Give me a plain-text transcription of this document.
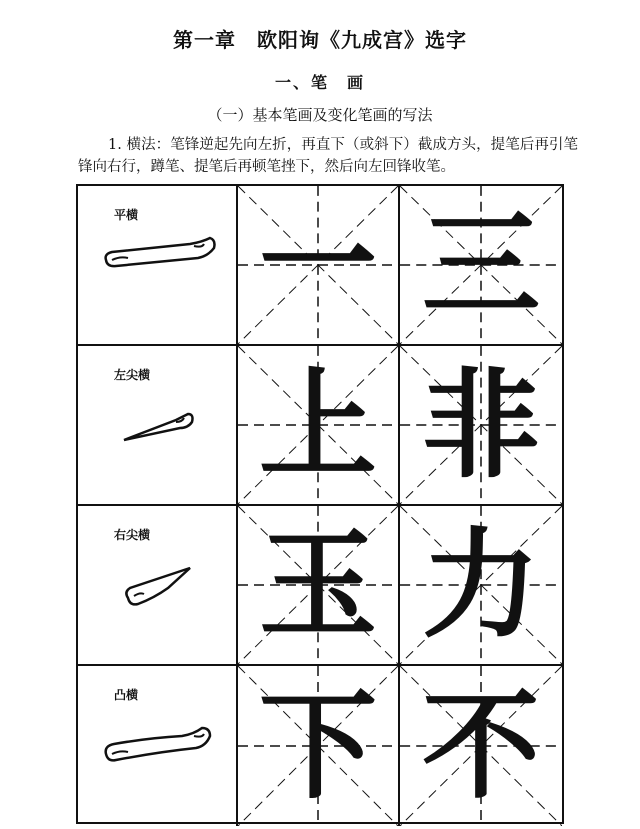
第一章　欧阳询《九成宫》选字
一、笔　画
（一）基本笔画及变化笔画的写法
1. 横法：笔锋逆起先向左折，再直下（或斜下）截成方头，提笔后再引笔锋向右行，蹲笔、提笔后再顿笔挫下，然后向左回锋收笔。
平横 一 三
左尖横 上 非
右尖横 玉 力
凸横 下 不
